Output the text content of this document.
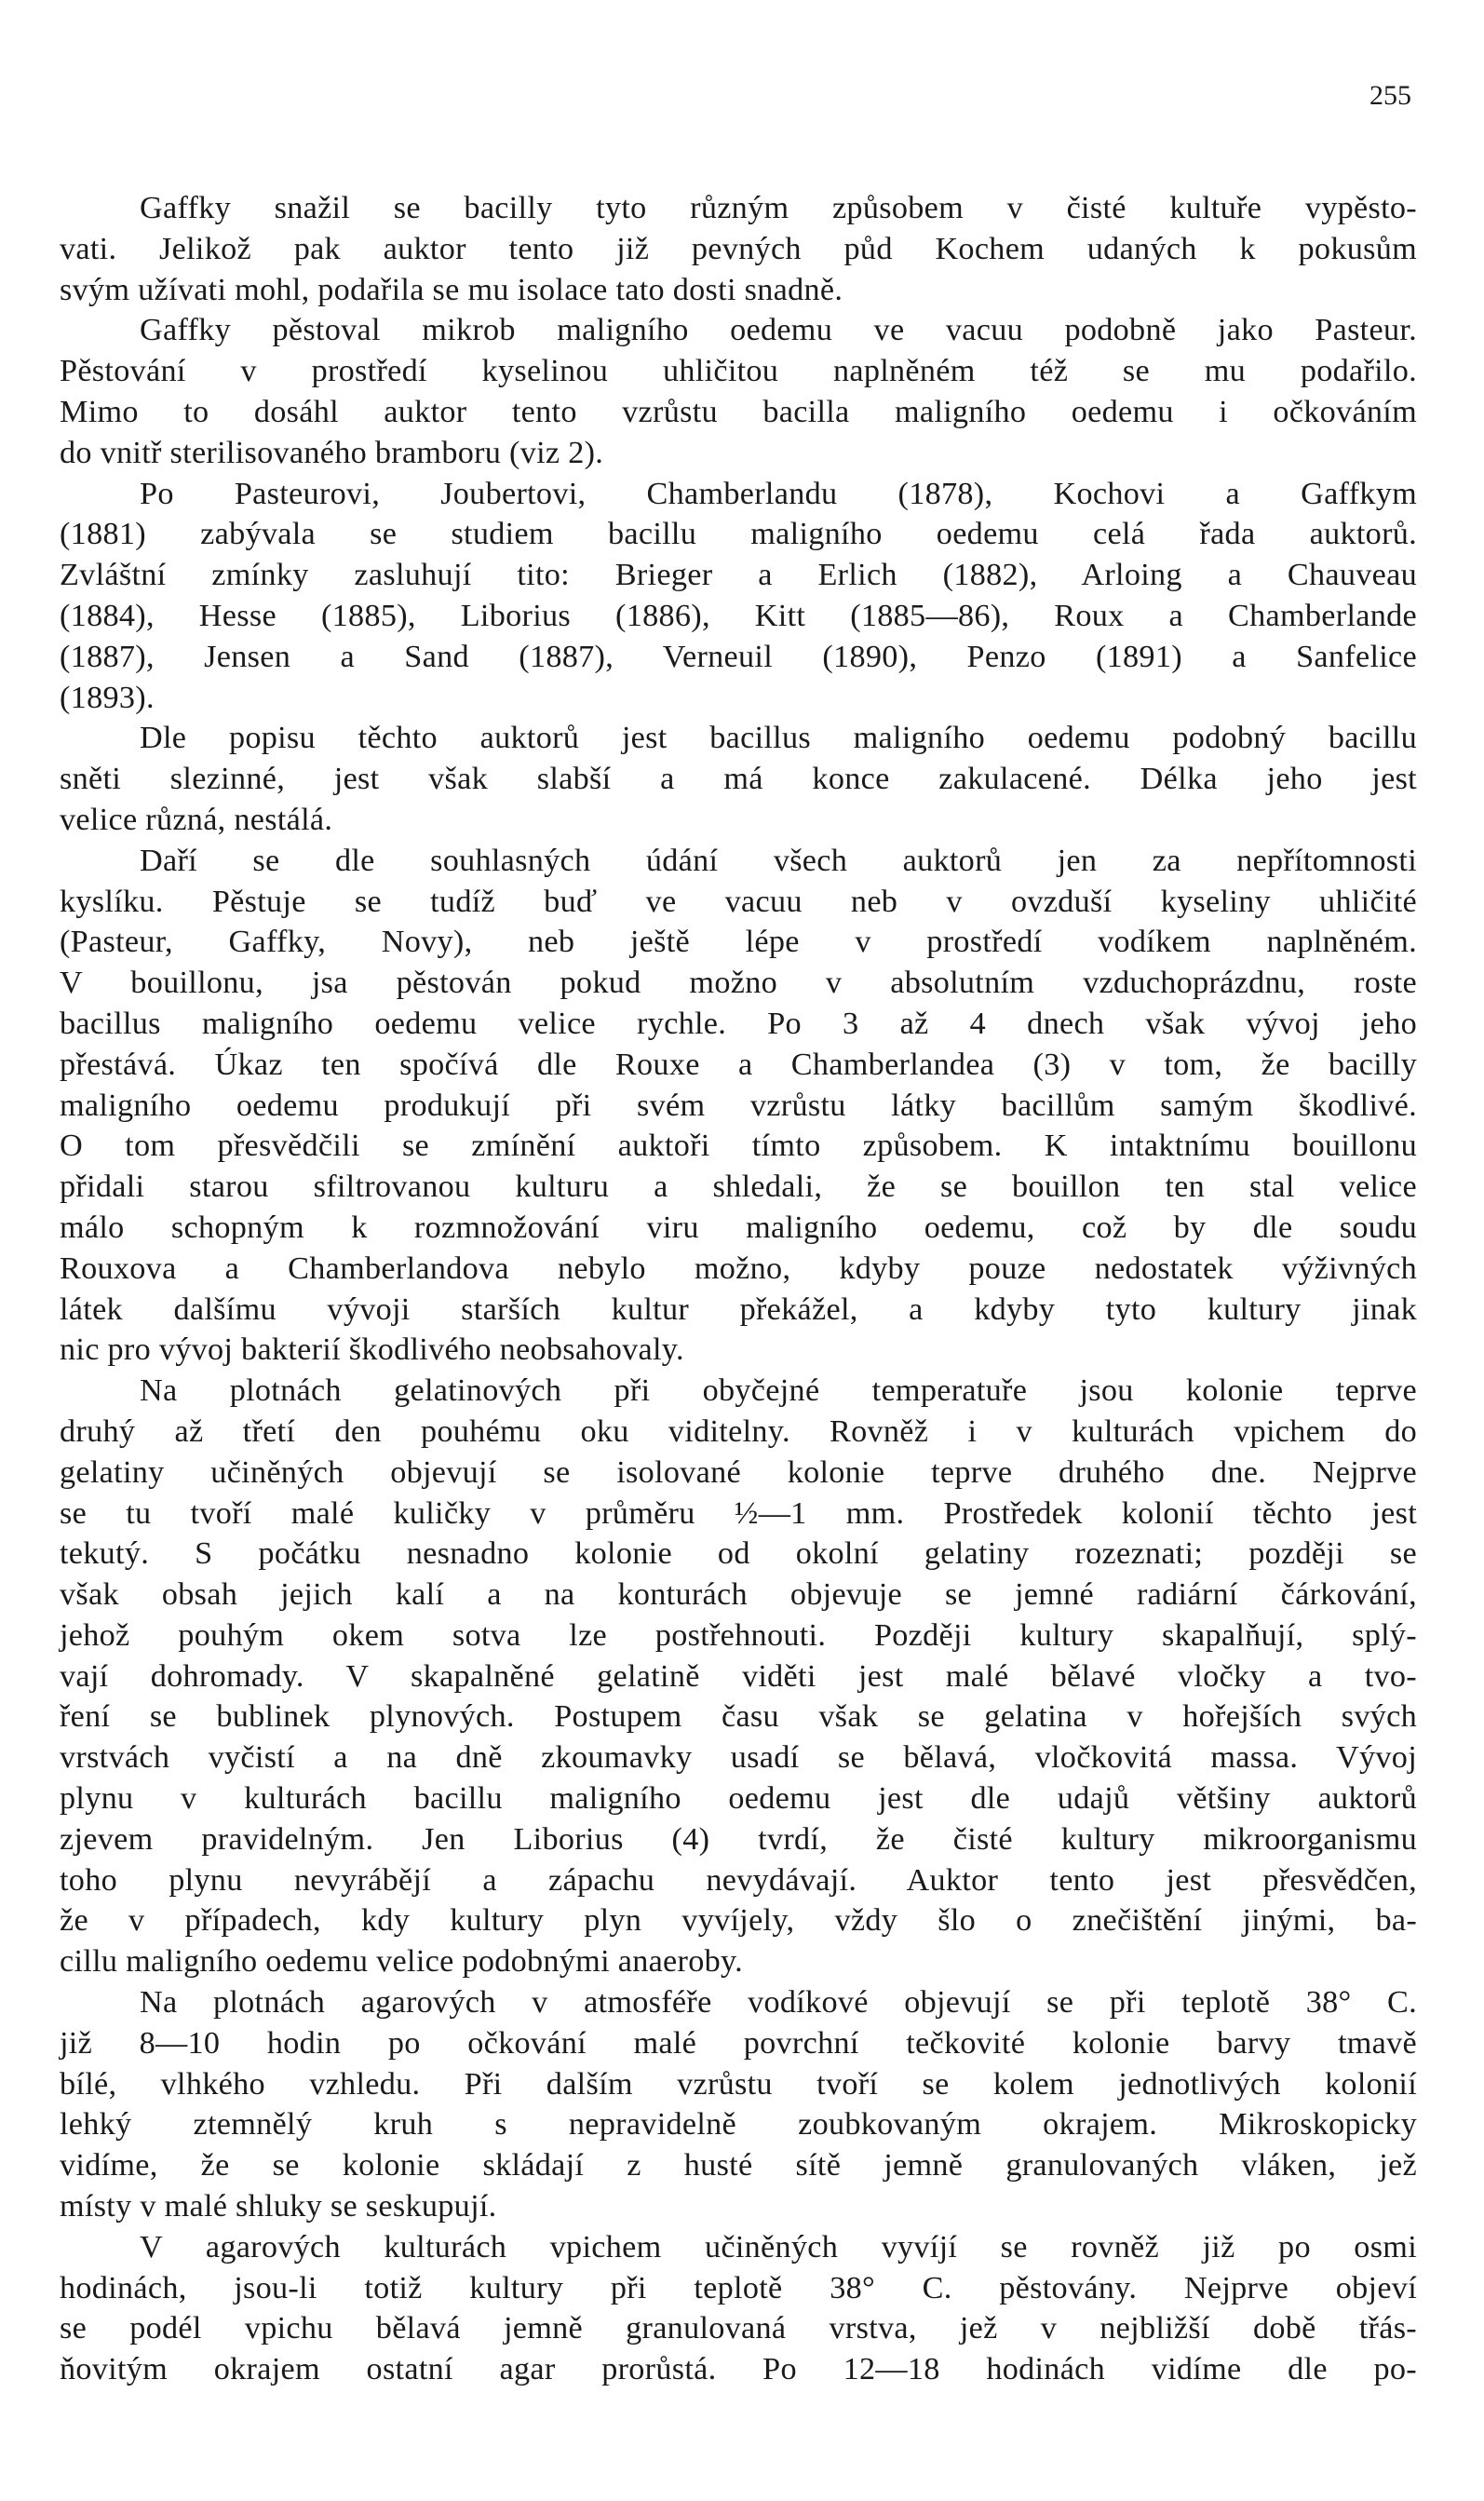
255
Gaffky snažil se bacilly tyto různým způsobem v čisté kultuře vypěsto-
vati. Jelikož pak auktor tento již pevných půd Kochem udaných k pokusům
svým užívati mohl, podařila se mu isolace tato dosti snadně.
Gaffky pěstoval mikrob maligního oedemu ve vacuu podobně jako Pasteur.
Pěstování v prostředí kyselinou uhličitou naplněném též se mu podařilo.
Mimo to dosáhl auktor tento vzrůstu bacilla maligního oedemu i očkováním
do vnitř sterilisovaného bramboru (viz 2).
Po Pasteurovi, Joubertovi, Chamberlandu (1878), Kochovi a Gaffkym
(1881) zabývala se studiem bacillu maligního oedemu celá řada auktorů.
Zvláštní zmínky zasluhují tito: Brieger a Erlich (1882), Arloing a Chauveau
(1884), Hesse (1885), Liborius (1886), Kitt (1885—86), Roux a Chamberlande
(1887), Jensen a Sand (1887), Verneuil (1890), Penzo (1891) a Sanfelice
(1893).
Dle popisu těchto auktorů jest bacillus maligního oedemu podobný bacillu
sněti slezinné, jest však slabší a má konce zakulacené. Délka jeho jest
velice různá, nestálá.
Daří se dle souhlasných údání všech auktorů jen za nepřítomnosti
kyslíku. Pěstuje se tudíž buď ve vacuu neb v ovzduší kyseliny uhličité
(Pasteur, Gaffky, Novy), neb ještě lépe v prostředí vodíkem naplněném.
V bouillonu, jsa pěstován pokud možno v absolutním vzduchoprázdnu, roste
bacillus maligního oedemu velice rychle. Po 3 až 4 dnech však vývoj jeho
přestává. Úkaz ten spočívá dle Rouxe a Chamberlandea (3) v tom, že bacilly
maligního oedemu produkují při svém vzrůstu látky bacillům samým škodlivé.
O tom přesvědčili se zmínění auktoři tímto způsobem. K intaktnímu bouillonu
přidali starou sfiltrovanou kulturu a shledali, že se bouillon ten stal velice
málo schopným k rozmnožování viru maligního oedemu, což by dle soudu
Rouxova a Chamberlandova nebylo možno, kdyby pouze nedostatek výživných
látek dalšímu vývoji starších kultur překážel, a kdyby tyto kultury jinak
nic pro vývoj bakterií škodlivého neobsahovaly.
Na plotnách gelatinových při obyčejné temperatuře jsou kolonie teprve
druhý až třetí den pouhému oku viditelny. Rovněž i v kulturách vpichem do
gelatiny učiněných objevují se isolované kolonie teprve druhého dne. Nejprve
se tu tvoří malé kuličky v průměru ½—1 mm. Prostředek kolonií těchto jest
tekutý. S počátku nesnadno kolonie od okolní gelatiny rozeznati; později se
však obsah jejich kalí a na konturách objevuje se jemné radiární čárkování,
jehož pouhým okem sotva lze postřehnouti. Později kultury skapalňují, splý-
vají dohromady. V skapalněné gelatině viděti jest malé bělavé vločky a tvo-
ření se bublinek plynových. Postupem času však se gelatina v hořejších svých
vrstvách vyčistí a na dně zkoumavky usadí se bělavá, vločkovitá massa. Vývoj
plynu v kulturách bacillu maligního oedemu jest dle udajů většiny auktorů
zjevem pravidelným. Jen Liborius (4) tvrdí, že čisté kultury mikroorganismu
toho plynu nevyrábějí a zápachu nevydávají. Auktor tento jest přesvědčen,
že v případech, kdy kultury plyn vyvíjely, vždy šlo o znečištění jinými, ba-
cillu maligního oedemu velice podobnými anaeroby.
Na plotnách agarových v atmosféře vodíkové objevují se při teplotě 38° C.
již 8—10 hodin po očkování malé povrchní tečkovité kolonie barvy tmavě
bílé, vlhkého vzhledu. Při dalším vzrůstu tvoří se kolem jednotlivých kolonií
lehký ztemnělý kruh s nepravidelně zoubkovaným okrajem. Mikroskopicky
vidíme, že se kolonie skládají z husté sítě jemně granulovaných vláken, jež
místy v malé shluky se seskupují.
V agarových kulturách vpichem učiněných vyvíjí se rovněž již po osmi
hodinách, jsou-li totiž kultury při teplotě 38° C. pěstovány. Nejprve objeví
se podél vpichu bělavá jemně granulovaná vrstva, jež v nejbližší době třás-
ňovitým okrajem ostatní agar prorůstá. Po 12—18 hodinách vidíme dle po-
